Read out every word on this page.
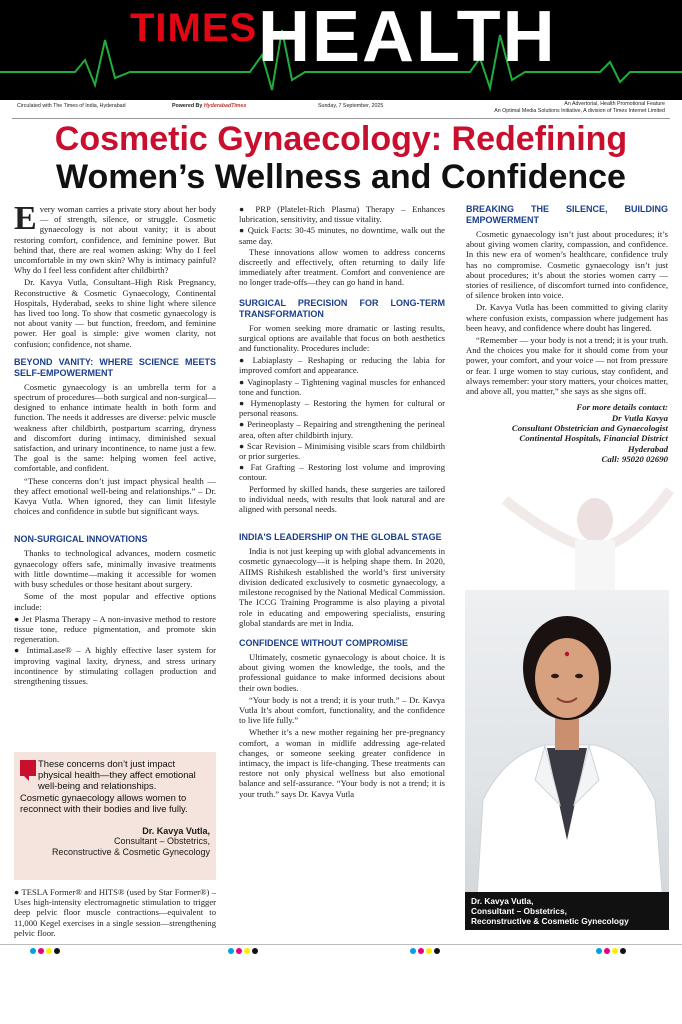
TIMES HEALTH
Circulated with The Times of India, Hyderabad	Powered By HyderabadTimes	Sunday, 7 September, 2025	An Advertorial, Health Promotional Feature
An Optimal Media Solutions Initiative, A division of Times Internet Limited
Cosmetic Gynaecology: Redefining
Women’s Wellness and Confidence

Every woman carries a private story about her body — of strength, silence, or struggle. Cosmetic gynaecology is not about vanity; it is about restoring comfort, confidence, and feminine power. But behind that, there are real women asking: Why do I feel uncomfortable in my own skin? Why is intimacy painful? Why do I feel less confident after childbirth?

Dr. Kavya Vutla, Consultant–High Risk Pregnancy, Reconstructive & Cosmetic Gynaecology, Continental Hospitals, Hyderabad, seeks to shine light where silence has lived too long. To show that cosmetic gynaecology is not about vanity — but function, freedom, and feminine power. Her goal is simple: give women clarity, not confusion; confidence, not shame.

BEYOND VANITY: WHERE SCIENCE MEETS SELF-EMPOWERMENT

Cosmetic gynaecology is an umbrella term for a spectrum of procedures—both surgical and non-surgical—designed to enhance intimate health in both form and function. The needs it addresses are diverse: pelvic muscle weakness after childbirth, postpartum scarring, dryness and discomfort during intimacy, diminished sexual satisfaction, and urinary incontinence, to name just a few. The goal is the same: helping women feel active, comfortable, and confident.

“These concerns don’t just impact physical health — they affect emotional well-being and relationships.” – Dr. Kavya Vutla. When ignored, they can limit lifestyle choices and confidence in subtle but significant ways.

NON-SURGICAL INNOVATIONS

Thanks to technological advances, modern cosmetic gynaecology offers safe, minimally invasive treatments with little downtime—making it accessible for women with busy schedules or those hesitant about surgery.

Some of the most popular and effective options include:

● Jet Plasma Therapy – A non-invasive method to restore tissue tone, reduce pigmentation, and promote skin regeneration.

● IntimaLase® – A highly effective laser system for improving vaginal laxity, dryness, and stress urinary incontinence by stimulating collagen production and strengthening tissues.

These concerns don’t just impact physical health—they affect emotional well-being and relationships.
Cosmetic gynaecology allows women to reconnect with their bodies and live fully.
Dr. Kavya Vutla,
Consultant – Obstetrics,
Reconstructive & Cosmetic Gynecology

● TESLA Former® and HITS® (used by Star Former®) – Uses high-intensity electromagnetic stimulation to trigger deep pelvic floor muscle contractions—equivalent to 11,000 Kegel exercises in a single session—strengthening pelvic floor.

● PRP (Platelet-Rich Plasma) Therapy – Enhances lubrication, sensitivity, and tissue vitality.

● Quick Facts: 30-45 minutes, no downtime, walk out the same day.

These innovations allow women to address concerns discreetly and effectively, often returning to daily life immediately after treatment. Comfort and convenience are no longer trade-offs—they can go hand in hand.

SURGICAL PRECISION FOR LONG-TERM TRANSFORMATION

For women seeking more dramatic or lasting results, surgical options are available that focus on both aesthetics and functionality. Procedures include:

● Labiaplasty – Reshaping or reducing the labia for improved comfort and appearance.

● Vaginoplasty – Tightening vaginal muscles for enhanced tone and function.

● Hymenoplasty – Restoring the hymen for cultural or personal reasons.

● Perineoplasty – Repairing and strengthening the perineal area, often after childbirth injury.

● Scar Revision – Minimising visible scars from childbirth or prior surgeries.

● Fat Grafting – Restoring lost volume and improving contour.

Performed by skilled hands, these surgeries are tailored to individual needs, with results that look natural and are aligned with personal needs.

INDIA'S LEADERSHIP ON THE GLOBAL STAGE

India is not just keeping up with global advancements in cosmetic gynaecology—it is helping shape them. In 2020, AIIMS Rishikesh established the world’s first university division dedicated exclusively to cosmetic gynaecology, a milestone recognised by the National Medical Commission. The ICCG Training Programme is also playing a pivotal role in educating and empowering specialists, ensuring global standards are met in India.

CONFIDENCE WITHOUT COMPROMISE

Ultimately, cosmetic gynaecology is about choice. It is about giving women the knowledge, the tools, and the professional guidance to make informed decisions about their own bodies.

“Your body is not a trend; it is your truth.” – Dr. Kavya Vutla It’s about comfort, functionality, and the confidence to live life fully.”

Whether it’s a new mother regaining her pre-pregnancy comfort, a woman in midlife addressing age-related changes, or someone seeking greater confidence in intimacy, the impact is life-changing. These treatments can restore not only physical wellness but also emotional balance and self-assurance. “Your body is not a trend; it is your truth.” says Dr. Kavya Vutla

BREAKING THE SILENCE, BUILDING EMPOWERMENT

Cosmetic gynaecology isn’t just about procedures; it’s about giving women clarity, compassion, and confidence. In this new era of women’s healthcare, confidence truly has no compromise. Cosmetic gynaecology isn’t just about procedures; it’s about the stories women carry — stories of resilience, of discomfort turned into confidence, of silence broken into voice.

Dr. Kavya Vutla has been committed to giving clarity where confusion exists, compassion where judgement has been heavy, and confidence where doubt has lingered.

“Remember — your body is not a trend; it is your truth. And the choices you make for it should come from your power, your comfort, and your voice — not from pressure or fear. I urge women to stay curious, stay confident, and always remember: your story matters, your choices matter, and above all, you matter,” she says as she signs off.

For more details contact:
Dr Vutla Kavya
Consultant Obstetrician and Gynaecologist
Continental Hospitals, Financial District
Hyderabad
Call: 95020 02690
Dr. Kavya Vutla,
Consultant – Obstetrics,
Reconstructive & Cosmetic Gynecology
